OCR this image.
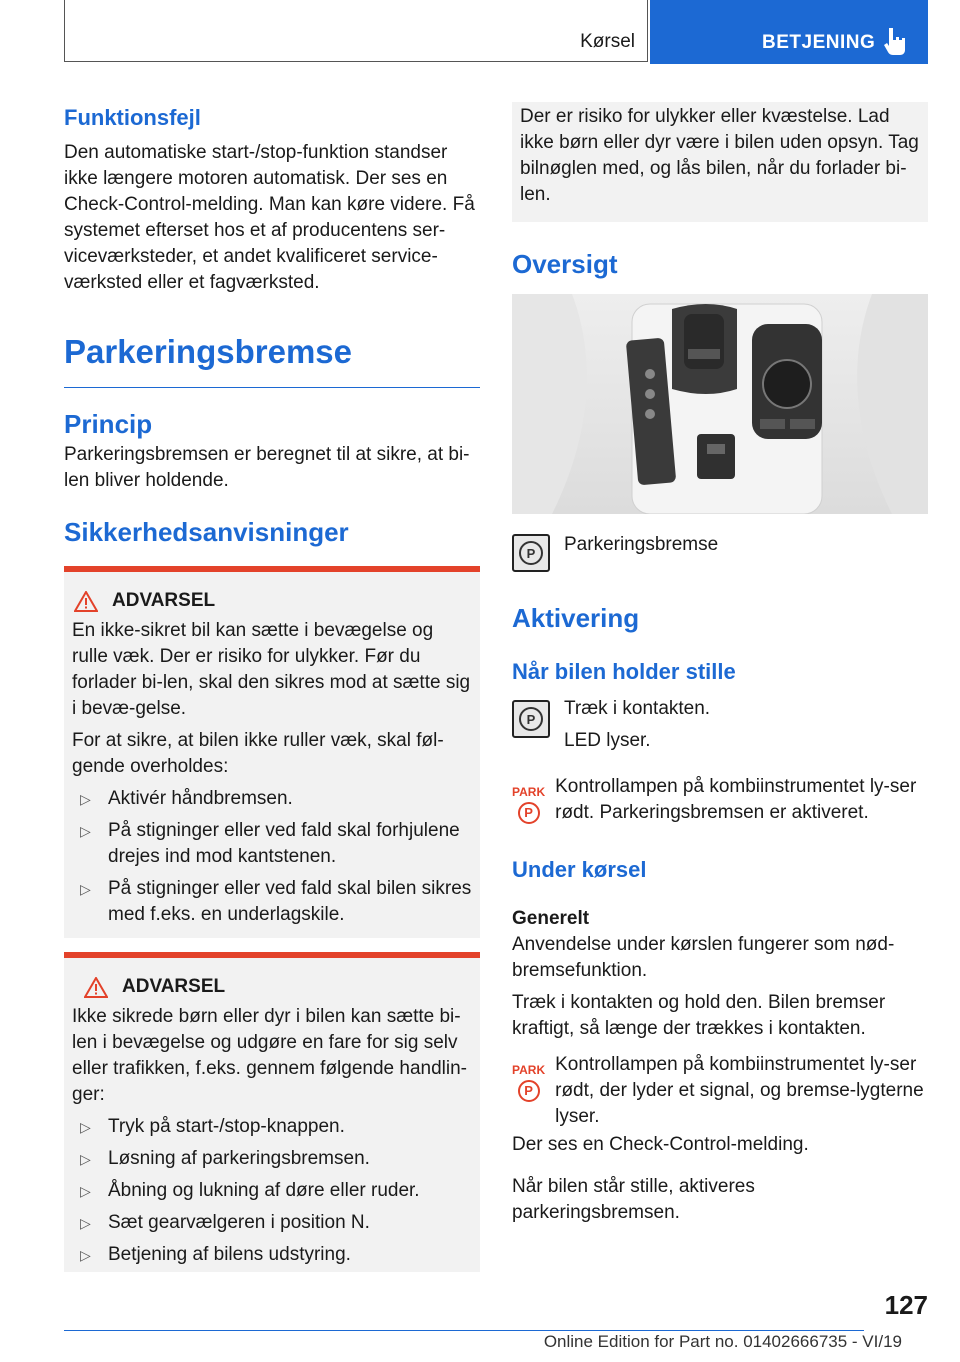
Kørsel	BETJENING
Funktionsfejl

Den automatiske start-/stop-funktion standser ikke længere motoren automatisk. Der ses en Check-Control-melding. Man kan køre videre. Få systemet efterset hos et af producentens ser-viceværksteder, et andet kvalificeret service-værksted eller et fagværksted.

Parkeringsbremse
Princip

Parkeringsbremsen er beregnet til at sikre, at bi-len bliver holdende.

Sikkerhedsanvisninger
ADVARSEL

En ikke-sikret bil kan sætte i bevægelse og rulle væk. Der er risiko for ulykker. Før du forlader bi-len, skal den sikres mod at sætte sig i bevæ-gelse.

For at sikre, at bilen ikke ruller væk, skal føl-gende overholdes:

▷ Aktivér håndbremsen.
▷ På stigninger eller ved fald skal forhjulene drejes ind mod kantstenen.
▷ På stigninger eller ved fald skal bilen sikres med f.eks. en underlagskile.
ADVARSEL

Ikke sikrede børn eller dyr i bilen kan sætte bi-len i bevægelse og udgøre en fare for sig selv eller trafikken, f.eks. gennem følgende handlin-ger:

▷ Tryk på start-/stop-knappen.
▷ Løsning af parkeringsbremsen.
▷ Åbning og lukning af døre eller ruder.
▷ Sæt gearvælgeren i position N.
▷ Betjening af bilens udstyring.

Der er risiko for ulykker eller kvæstelse. Lad ikke børn eller dyr være i bilen uden opsyn. Tag bilnøglen med, og lås bilen, når du forlader bi-len.

Oversigt
P	Parkeringsbremse

Aktivering
Når bilen holder stille
P	Træk i kontakten.

LED lyser.

PARK
P

Kontrollampen på kombiinstrumentet ly-ser rødt. Parkeringsbremsen er aktiveret.

Under kørsel

Generelt

Anvendelse under kørslen fungerer som nød-bremsefunktion.

Træk i kontakten og hold den. Bilen bremser kraftigt, så længe der trækkes i kontakten.

PARK
P

Kontrollampen på kombiinstrumentet ly-ser rødt, der lyder et signal, og bremse-lygterne lyser.

Der ses en Check-Control-melding.

Når bilen står stille, aktiveres parkeringsbremsen.

127
Online Edition for Part no. 01402666735 - VI/19
